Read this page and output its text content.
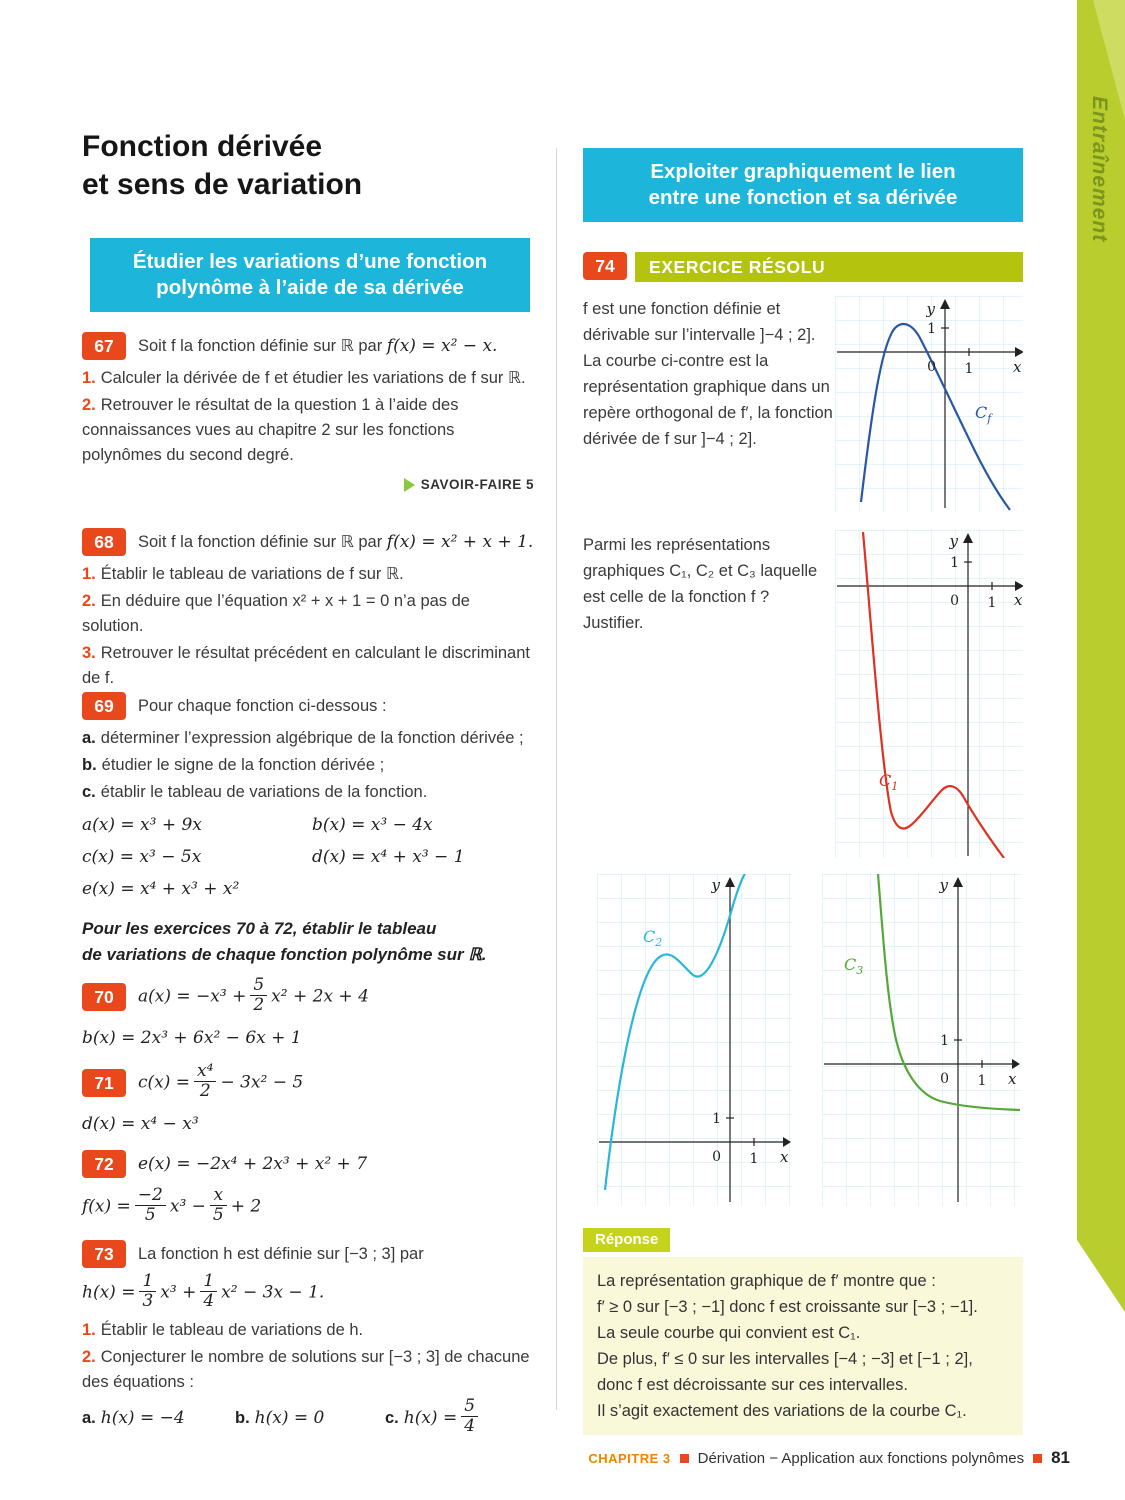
Entraînement
Fonction dérivée
et sens de variation
Étudier les variations d’une fonction
polynôme à l’aide de sa dérivée
67	Soit f la fonction définie sur ℝ par f(x) = x² − x.

1. Calculer la dérivée de f et étudier les variations de f sur ℝ.

2. Retrouver le résultat de la question 1 à l’aide des connaissances vues au chapitre 2 sur les fonctions polynômes du second degré.

SAVOIR-FAIRE 5
68	Soit f la fonction définie sur ℝ par f(x) = x² + x + 1.

1. Établir le tableau de variations de f sur ℝ.

2. En déduire que l’équation x² + x + 1 = 0 n’a pas de solution.

3. Retrouver le résultat précédent en calculant le discriminant de f.

69	Pour chaque fonction ci-dessous :

a. déterminer l’expression algébrique de la fonction dérivée ;

b. étudier le signe de la fonction dérivée ;

c. établir le tableau de variations de la fonction.

a(x) = x³ + 9x	b(x) = x³ − 4x
c(x) = x³ − 5x	d(x) = x⁴ + x³ − 1
e(x) = x⁴ + x³ + x²
Pour les exercices 70 à 72, établir le tableau
de variations de chaque fonction polynôme sur ℝ.
70	$a(x) = -x^3 + \frac{5}{2} x^2 + 2x + 4$
b(x) = 2x³ + 6x² − 6x + 1
71	$c(x) = \frac{\text{x⁴}}{2} - 3x^2 - 5$
d(x) = x⁴ − x³
72	e(x) = −2x⁴ + 2x³ + x² + 7
$f(x) = \frac{-2}{5} x^3 - \frac{x}{5} + 2$
73	La fonction h est définie sur [−3 ; 3] par
$h(x) = \frac{1}{3} x^3 + \frac{1}{4} x^2 - 3x - 1$.

1. Établir le tableau de variations de h.

2. Conjecturer le nombre de solutions sur [−3 ; 3] de chacune des équations :

a. h(x) = −4	b. h(x) = 0	c. $h(x) = \frac{5}{4}$
Exploiter graphiquement le lien
entre une fonction et sa dérivée
74	EXERCICE RÉSOLU
f est une fonction définie et dérivable sur l’intervalle ]−4 ; 2]. La courbe ci-contre est la représentation graphique dans un repère orthogonal de f′, la fonction dérivée de f sur ]−4 ; 2].
Parmi les représentations graphiques C₁, C₂ et C₃ laquelle est celle de la fonction f ? Justifier.
y
x
0 1
1
$C_f$
y
x
0 1
1
$C_1$
y
x
0 1
1
$C_2$
y
x
0 1
1
$C_3$
Réponse
La représentation graphique de f′ montre que :
f′ ≥ 0 sur [−3 ; −1] donc f est croissante sur [−3 ; −1].
La seule courbe qui convient est C₁.
De plus, f′ ≤ 0 sur les intervalles [−4 ; −3] et [−1 ; 2],
donc f est décroissante sur ces intervalles.
Il s’agit exactement des variations de la courbe C₁.
CHAPITRE 3 Dérivation − Application aux fonctions polynômes 81
